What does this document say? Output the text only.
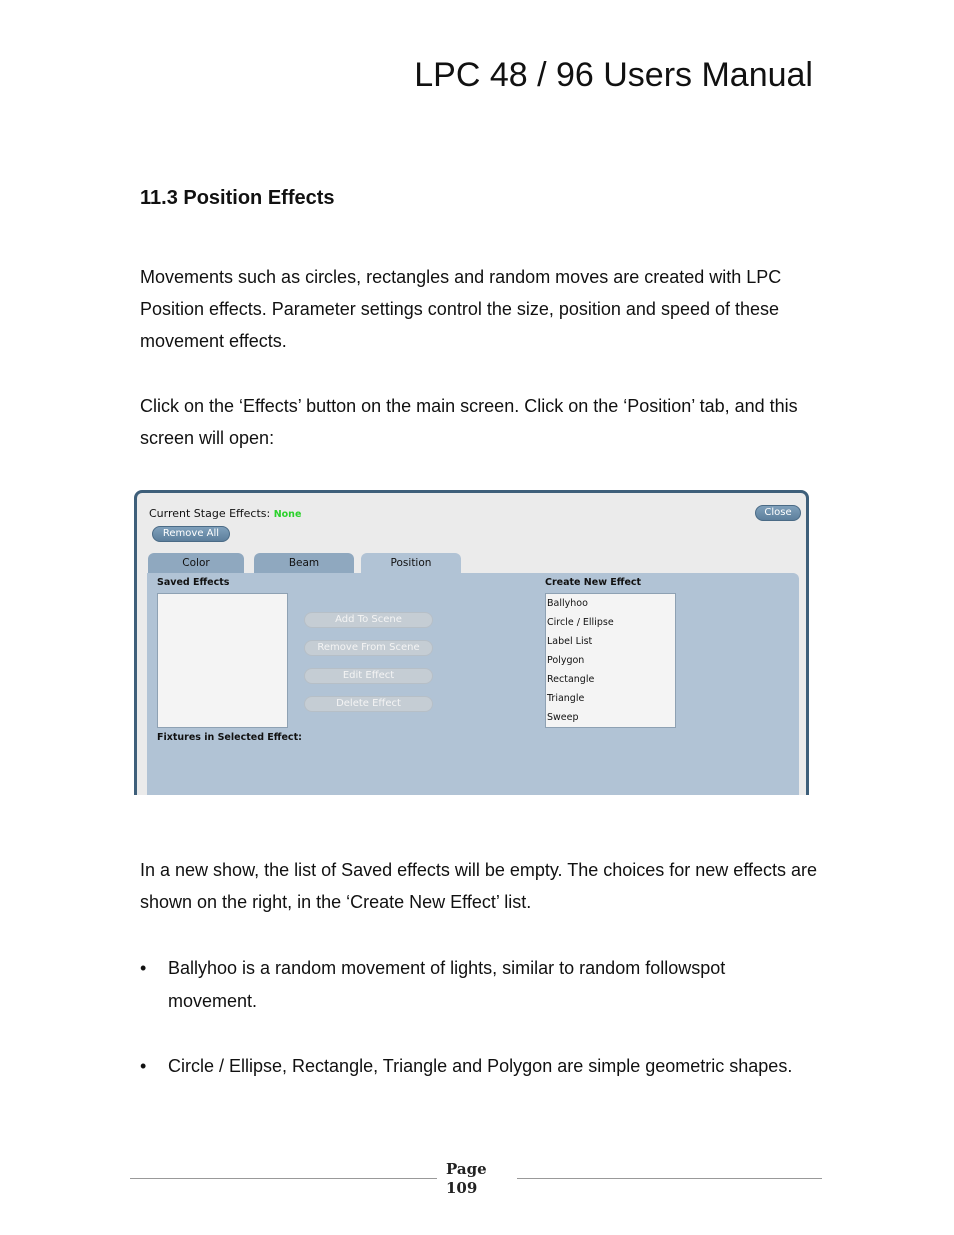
LPC 48 / 96 Users Manual
11.3 Position Effects
Movements such as circles, rectangles and random moves are created with LPC Position effects. Parameter settings control the size, position and speed of these movement effects.
Click on the ‘Effects’ button on the main screen. Click on the ‘Position’ tab, and this screen will open:
Current Stage Effects: None
Remove All
Close
Color	Beam	Position
Saved Effects
Add To Scene
Remove From Scene
Edit Effect
Delete Effect
Create New Effect
Ballyhoo
Circle / Ellipse
Label List
Polygon
Rectangle
Triangle
Sweep
Fixtures in Selected Effect:
In a new show, the list of Saved effects will be empty. The choices for new effects are shown on the right, in the ‘Create New Effect’ list.
•	Ballyhoo is a random movement of lights, similar to random followspot movement.
•	Circle / Ellipse, Rectangle, Triangle and Polygon are simple geometric shapes.
Page
109
